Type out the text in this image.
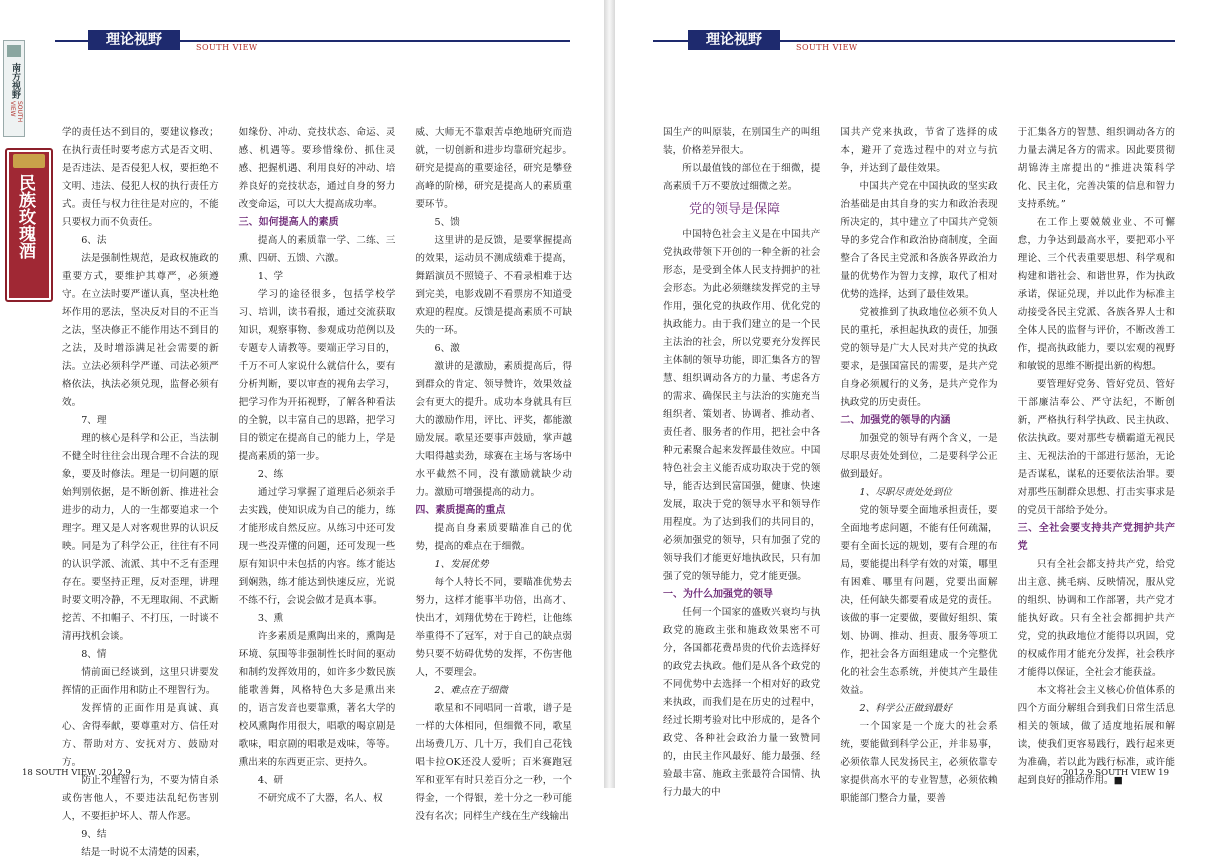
理论视野	SOUTH VIEW
南方视野
SOUTH VIEW
民族玫瑰酒

学的责任达不到目的，要建议修改；在执行责任时要考虑方式是否文明、是否违法、是否侵犯人权，要拒绝不文明、违法、侵犯人权的执行责任方式。责任与权力往往是对应的，不能只要权力而不负责任。

6、法

法是强制性规范，是政权施政的重要方式，要维护其尊严，必须遵守。在立法时要严谨认真，坚决杜绝坏作用的恶法，坚决反对目的不正当之法，坚决修正不能作用达不到目的之法，及时增添满足社会需要的新法。立法必须科学严谨、司法必须严格依法，执法必须兑现，监督必须有效。

7、理

理的核心是科学和公正，当法制不健全时往往会出现合理不合法的现象，要及时修法。理是一切问题的原始判别依据，是不断创新、推进社会进步的动力，人的一生都要追求一个理字。理又是人对客观世界的认识反映。同是为了科学公正，往往有不同的认识学派、流派、其中不乏有歪理存在。要坚持正理，反对歪理，讲理时要文明冷静，不无理取闹、不武断挖苦、不扣帽子、不打压，一时谈不清再找机会谈。

8、情

情前面已经谈到，这里只讲要发挥情的正面作用和防止不理智行为。

发挥情的正面作用是真诚、真心、舍得奉献，要尊重对方、信任对方、帮助对方、安抚对方、鼓励对方。

防止不理智行为，不要为情自杀或伤害他人，不要违法乱纪伤害别人，不要拒护坏人、帮人作恶。

9、结

结是一时说不太清楚的因素，

如缘份、冲动、竞技状态、命运、灵感、机遇等。要珍惜缘份、抓住灵感、把握机遇、利用良好的冲动、培养良好的竞技状态，通过自身的努力改变命运，可以大大提高成功率。

三、如何提高人的素质

提高人的素质靠一学、二练、三熏、四研、五馈、六激。

1、学

学习的途径很多，包括学校学习、培训，读书看报，通过交流获取知识，观察事物、参观成功范例以及专题专人请教等。要端正学习目的，千万不可人家说什么就信什么，要有分析判断，要以审查的视角去学习，把学习作为开拓视野，了解各种看法的全貌，以丰富自己的思路，把学习目的锁定在提高自己的能力上，学是提高素质的第一步。

2、练

通过学习掌握了道理后必须亲手去实践，使知识成为自己的能力，练才能形成自然反应。从练习中还可发现一些没弄懂的问题，还可发现一些原有知识中未包括的内容。练才能达到娴熟，练才能达到快速反应，光说不练不行，会说会做才是真本事。

3、熏

许多素质是熏陶出来的，熏陶是环境、氛围等非强制性长时间的驱动和制约发挥效用的，如许多少数民族能歌善舞，风格特色大多是熏出来的，语言发音也要靠熏，著名大学的校风熏陶作用很大，唱歌的喝京剧是歌味，唱京剧的唱歌是戏味，等等。熏出来的东西更正宗、更持久。

4、研

不研究成不了大器，名人、权

威、大师无不靠艰苦卓绝地研究而造就，一切创新和进步均靠研究起步。研究是提高的重要途径，研究是攀登高峰的阶梯，研究是提高人的素质重要环节。

5、馈

这里讲的是反馈，是要掌握提高的效果，运动员不测成绩难于提高，舞蹈演员不照镜子、不看录相难于达到完美，电影戏剧不看票房不知道受欢迎的程度。反馈是提高素质不可缺失的一环。

6、激

激讲的是激励，素质提高后，得到群众的肯定、领导赞许，效果效益会有更大的提升。成功本身就具有巨大的激励作用，评比、评奖，都能激励发展。歌星还要事声鼓励，掌声越大唱得越卖劲，球赛在主场与客场中水平截然不同，没有激励就缺少动力。激励可增强提高的动力。

四、素质提高的重点

提高自身素质要瞄准自己的优势，提高的难点在于细微。

1、发展优势

每个人特长不同，要瞄准优势去努力，这样才能事半功倍，出高才、快出才，刘翔优势在于跨栏，让他练举重得不了冠军，对于自己的缺点弱势只要不妨碍优势的发挥，不伤害他人，不要理会。

2、难点在于细微

歌星和不同唱同一首歌，谱子是一样的大体相同，但细微不同，歌星出场费几万、几十万，我们自己花钱唱卡拉OK还没人爱听；百米赛跑冠军和亚军有时只差百分之一秒，一个得金，一个得银，差十分之一秒可能没有名次；同样生产线在生产线输出

18 SOUTH VIEW .2012.9
理论视野	SOUTH VIEW

国生产的叫原装，在别国生产的叫组装，价格差异很大。

所以最值钱的部位在于细微，提高素质千万不要放过细微之差。

党的领导是保障

中国特色社会主义是在中国共产党执政带领下开创的一种全新的社会形态，是受到全体人民支持拥护的社会形态。为此必须继续发挥党的主导作用，强化党的执政作用、优化党的执政能力。由于我们建立的是一个民主法治的社会，所以党要充分发挥民主体制的领导功能，即汇集各方的智慧、组织调动各方的力量、考虑各方的需求、确保民主与法治的实施充当组织者、策划者、协调者、推动者、责任者、服务者的作用，把社会中各种元素聚合起来发挥最佳效应。中国特色社会主义能否成功取决于党的领导，能否达到民富国强，健康、快速发展，取决于党的领导水平和领导作用程度。为了达到我们的共同目的，必须加强党的领导，只有加强了党的领导我们才能更好地执政民，只有加强了党的领导能力，党才能更强。

一、为什么加强党的领导

任何一个国家的盛败兴衰均与执政党的施政主张和施政效果密不可分，各国都花费昂贵的代价去选择好的政党去执政。他们是从各个政党的不同优势中去选择一个相对好的政党来执政，而我们是在历史的过程中，经过长期考验对比中形成的，是各个政党、各种社会政治力量一致赞同的，由民主作风最好、能力最强、经验最丰富、施政主张最符合国情、执行力最大的中

国共产党来执政，节省了选择的成本，避开了竞选过程中的对立与抗争，并达到了最佳效果。

中国共产党在中国执政的坚实政治基础是由其自身的实力和政治表现所决定的，其中建立了中国共产党领导的多党合作和政治协商制度，全面整合了各民主党派和各族各界政治力量的优势作为智力支撑，取代了相对优势的选择，达到了最佳效果。

党被推到了执政地位必须不负人民的重托，承担起执政的责任，加强党的领导是广大人民对共产党的执政要求，是强国富民的需要，是共产党自身必须履行的义务，是共产党作为执政党的历史责任。

二、加强党的领导的内涵

加强党的领导有两个含义，一是尽职尽责处处到位，二是要科学公正做到最好。

1、尽职尽责处处到位

党的领导要全面地承担责任，要全面地考虑问题，不能有任何疏漏，要有全面长远的规划，要有合理的布局，要能提出科学有效的对策，哪里有困难、哪里有问题，党要出面解决，任何缺失都要看成是党的责任。该做的事一定要做，要做好组织、策划、协调、推动、担责、服务等项工作，把社会各方面组建成一个完整优化的社会生态系统，并使其产生最佳效益。

2、科学公正做到最好

一个国家是一个庞大的社会系统，要能做到科学公正，并非易事，必须依靠人民发扬民主，必须依靠专家提供高水平的专业智慧，必须依赖职能部门整合力量，要善

于汇集各方的智慧、组织调动各方的力量去满足各方的需求。因此要贯彻胡锦涛主席提出的“推进决策科学化、民主化，完善决策的信息和智力支持系统。”

在工作上要兢兢业业、不可懈怠，力争达到最高水平，要把邓小平理论、三个代表重要思想、科学观和构建和谐社会、和谐世界，作为执政承诺，保证兑现，并以此作为标准主动接受各民主党派、各族各界人士和全体人民的监督与评价，不断改善工作，提高执政能力，要以宏观的视野和敏锐的思维不断提出新的构想。

要管理好党务、管好党员、管好干部廉洁奉公、严守法纪，不断创新，严格执行科学执政、民主执政、依法执政。要对那些专横霸道无视民主、无视法治的干部进行惩治，无论是否谋私，谋私的还要依法治罪。要对那些压制群众思想、打击实事求是的党员干部给予处分。

三、全社会要支持共产党拥护共产党

只有全社会都支持共产党，给党出主意、挑毛病、反映情况，服从党的组织、协调和工作部署，共产党才能执好政。只有全社会都拥护共产党，党的执政地位才能得以巩固，党的权威作用才能充分发挥，社会秩序才能得以保证，全社会才能获益。

本文将社会主义核心价值体系的四个方面分解组合到我们日常生活息相关的领域，做了适度地拓展和解读，使我们更容易践行，践行起来更为准确，若以此为践行标准，或许能起到良好的推动作用。■

2012.9.SOUTH VIEW 19
